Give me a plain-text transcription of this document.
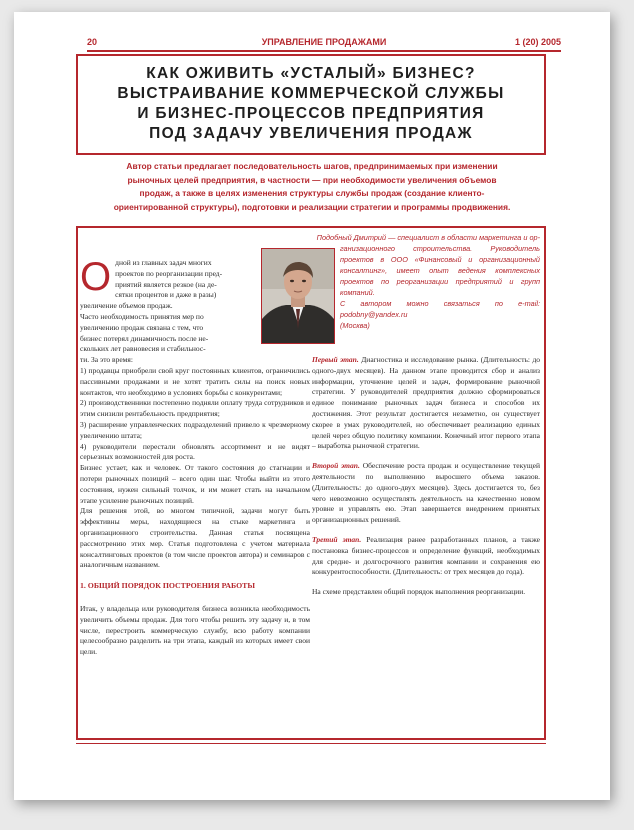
20	УПРАВЛЕНИЕ ПРОДАЖАМИ	1 (20) 2005
КАК ОЖИВИТЬ «УСТАЛЫЙ» БИЗНЕС?
ВЫСТРАИВАНИЕ КОММЕРЧЕСКОЙ СЛУЖБЫ
И БИЗНЕС-ПРОЦЕССОВ ПРЕДПРИЯТИЯ
ПОД ЗАДАЧУ УВЕЛИЧЕНИЯ ПРОДАЖ
Автор статьи предлагает последовательность шагов, предпринимаемых при изменении
рыночных целей предприятия, в частности — при необходимости увеличения объемов
продаж, а также в целях изменения структуры службы продаж (создание клиенто-
ориентированной структуры), подготовки и реализации стратегии и программы продвижения.
Подобный Дмитрий — специалист в области маркетинга и ор-
ганизационного строительства. Руководитель проектов в ООО «Финансовый и организационный консалтинг», имеет опыт ведения комплексных проектов по реорганизации предприятий и групп компаний.
С автором можно связаться по e-mail: podobny@yandex.ru
(Москва)
О дной из главных задач многих
проектов по реорганизации пред-
приятий является резкое (на де-
сятки процентов и даже в разы)
увеличение объемов продаж.
Часто необходимость принятия мер по
увеличению продаж связана с тем, что
бизнес потерял динамичность после не-
скольких лет равновесия и стабильнос-
ти. За это время:

1) продавцы приобрели свой круг постоянных клиентов, ограничились пассивными продажами и не хотят тратить силы на поиск новых контактов, что необходимо в условиях борьбы с конкурентами;

2) производственники постепенно подняли оплату труда сотрудников и этим снизили рентабельность предприятия;

3) расширение управленческих подразделений привело к чрезмерному увеличению штата;

4) руководители перестали обновлять ассортимент и не видят серьезных возможностей для роста.

Бизнес устает, как и человек. От такого состояния до стагнации и потери рыночных позиций – всего один шаг. Чтобы выйти из этого состояния, нужен сильный толчок, и им может стать на начальном этапе усиление рыночных позиций.

Для решения этой, во многом типичной, задачи могут быть эффективны меры, находящиеся на стыке маркетинга и организационного строительства. Данная статья посвящена рассмотрению этих мер. Статья подготовлена с учетом материала консалтинговых проектов (в том числе проектов автора) и семинаров с аналогичным названием.

1. ОБЩИЙ ПОРЯДОК ПОСТРОЕНИЯ РАБОТЫ

Итак, у владельца или руководителя бизнеса возникла необходимость увеличить объемы продаж. Для того чтобы решить эту задачу и, в том числе, перестроить коммерческую службу, всю работу компании целесообразно разделить на три этапа, каждый из которых имеет свои цели.

Первый этап. Диагностика и исследование рынка. (Длительность: до одного-двух месяцев). На данном этапе проводится сбор и анализ информации, уточнение целей и задач, формирование рыночной стратегии. У руководителей предприятия должно сформироваться единое понимание рыночных задач бизнеса и способов их достижения. Этот результат достигается незаметно, он существует скорее в умах руководителей, но обеспечивает реализацию единых целей через общую политику компании. Конечный итог первого этапа – выработка рыночной стратегии.

Второй этап. Обеспечение роста продаж и осуществление текущей деятельности по выполнению выросшего объема заказов. (Длительность: до одного-двух месяцев). Здесь достигается то, без чего невозможно осуществлять деятельность на качественно новом уровне и управлять ею. Этап завершается внедрением принятых организационных решений.

Третий этап. Реализация ранее разработанных планов, а также постановка бизнес-процессов и определение функций, необходимых для средне- и долгосрочного развития компании и сохранения ею конкурентоспособности. (Длительность: от трех месяцев до года).

На схеме представлен общий порядок выполнения реорганизации.
